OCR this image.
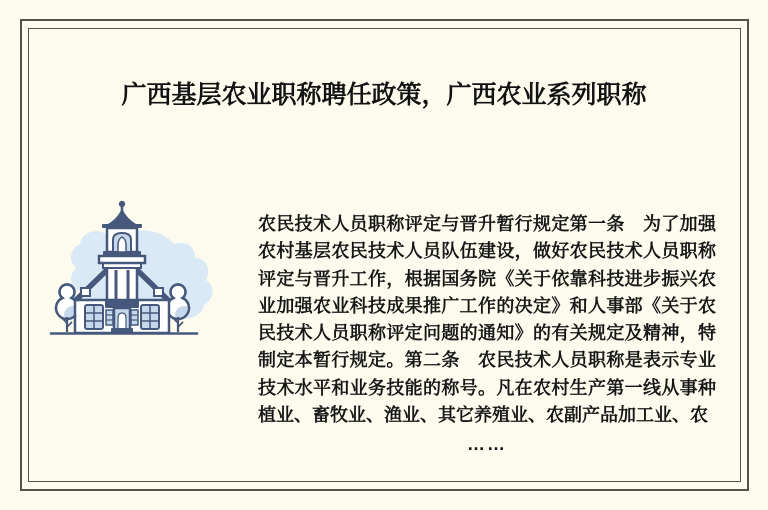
广西基层农业职称聘任政策，广西农业系列职称

农民技术人员职称评定与晋升暂行规定第一条　为了加强农村基层农民技术人员队伍建设，做好农民技术人员职称评定与晋升工作，根据国务院《关于依靠科技进步振兴农业加强农业科技成果推广工作的决定》和人事部《关于农民技术人员职称评定问题的通知》的有关规定及精神，特制定本暂行规定。第二条　农民技术人员职称是表示专业技术水平和业务技能的称号。凡在农村生产第一线从事种植业、畜牧业、渔业、其它养殖业、农副产品加工业、农

……
